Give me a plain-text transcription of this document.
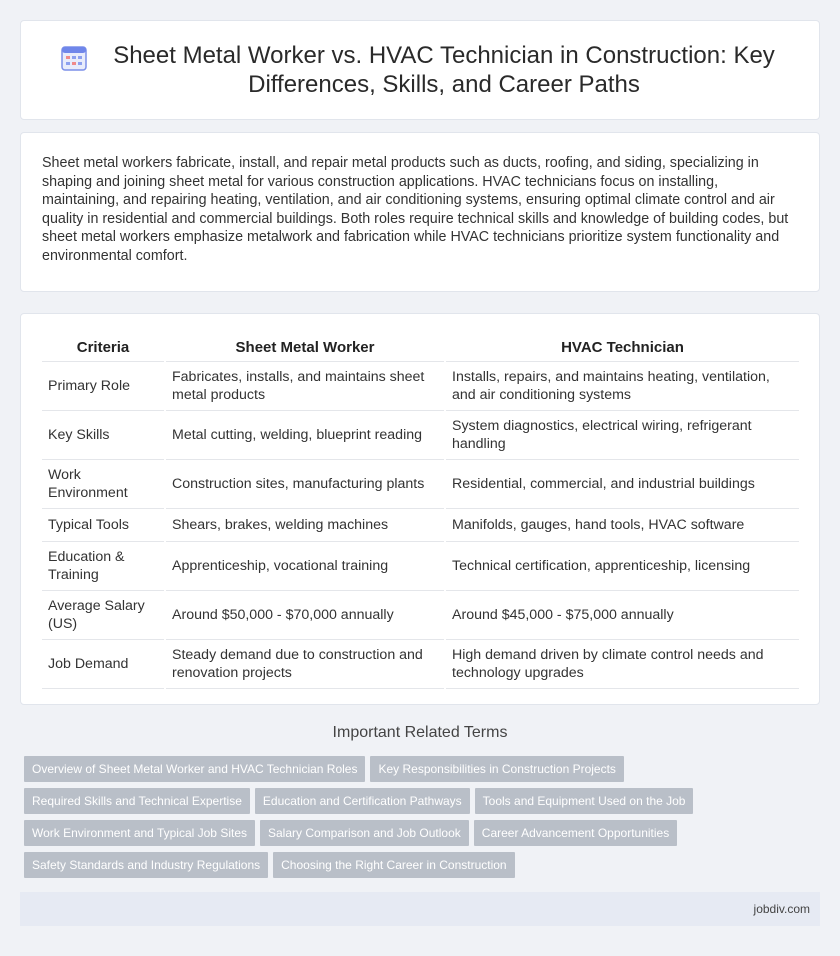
Sheet Metal Worker vs. HVAC Technician in Construction: Key Differences, Skills, and Career Paths

Sheet metal workers fabricate, install, and repair metal products such as ducts, roofing, and siding, specializing in shaping and joining sheet metal for various construction applications. HVAC technicians focus on installing, maintaining, and repairing heating, ventilation, and air conditioning systems, ensuring optimal climate control and air quality in residential and commercial buildings. Both roles require technical skills and knowledge of building codes, but sheet metal workers emphasize metalwork and fabrication while HVAC technicians prioritize system functionality and environmental comfort.

Criteria	Sheet Metal Worker	HVAC Technician
Primary Role	Fabricates, installs, and maintains sheet metal products	Installs, repairs, and maintains heating, ventilation, and air conditioning systems
Key Skills	Metal cutting, welding, blueprint reading	System diagnostics, electrical wiring, refrigerant handling
Work Environment	Construction sites, manufacturing plants	Residential, commercial, and industrial buildings
Typical Tools	Shears, brakes, welding machines	Manifolds, gauges, hand tools, HVAC software
Education & Training	Apprenticeship, vocational training	Technical certification, apprenticeship, licensing
Average Salary (US)	Around $50,000 - $70,000 annually	Around $45,000 - $75,000 annually
Job Demand	Steady demand due to construction and renovation projects	High demand driven by climate control needs and technology upgrades
Important Related Terms
Overview of Sheet Metal Worker and HVAC Technician Roles Key Responsibilities in Construction Projects
Required Skills and Technical Expertise Education and Certification Pathways Tools and Equipment Used on the Job
Work Environment and Typical Job Sites Salary Comparison and Job Outlook Career Advancement Opportunities
Safety Standards and Industry Regulations Choosing the Right Career in Construction
jobdiv.com
